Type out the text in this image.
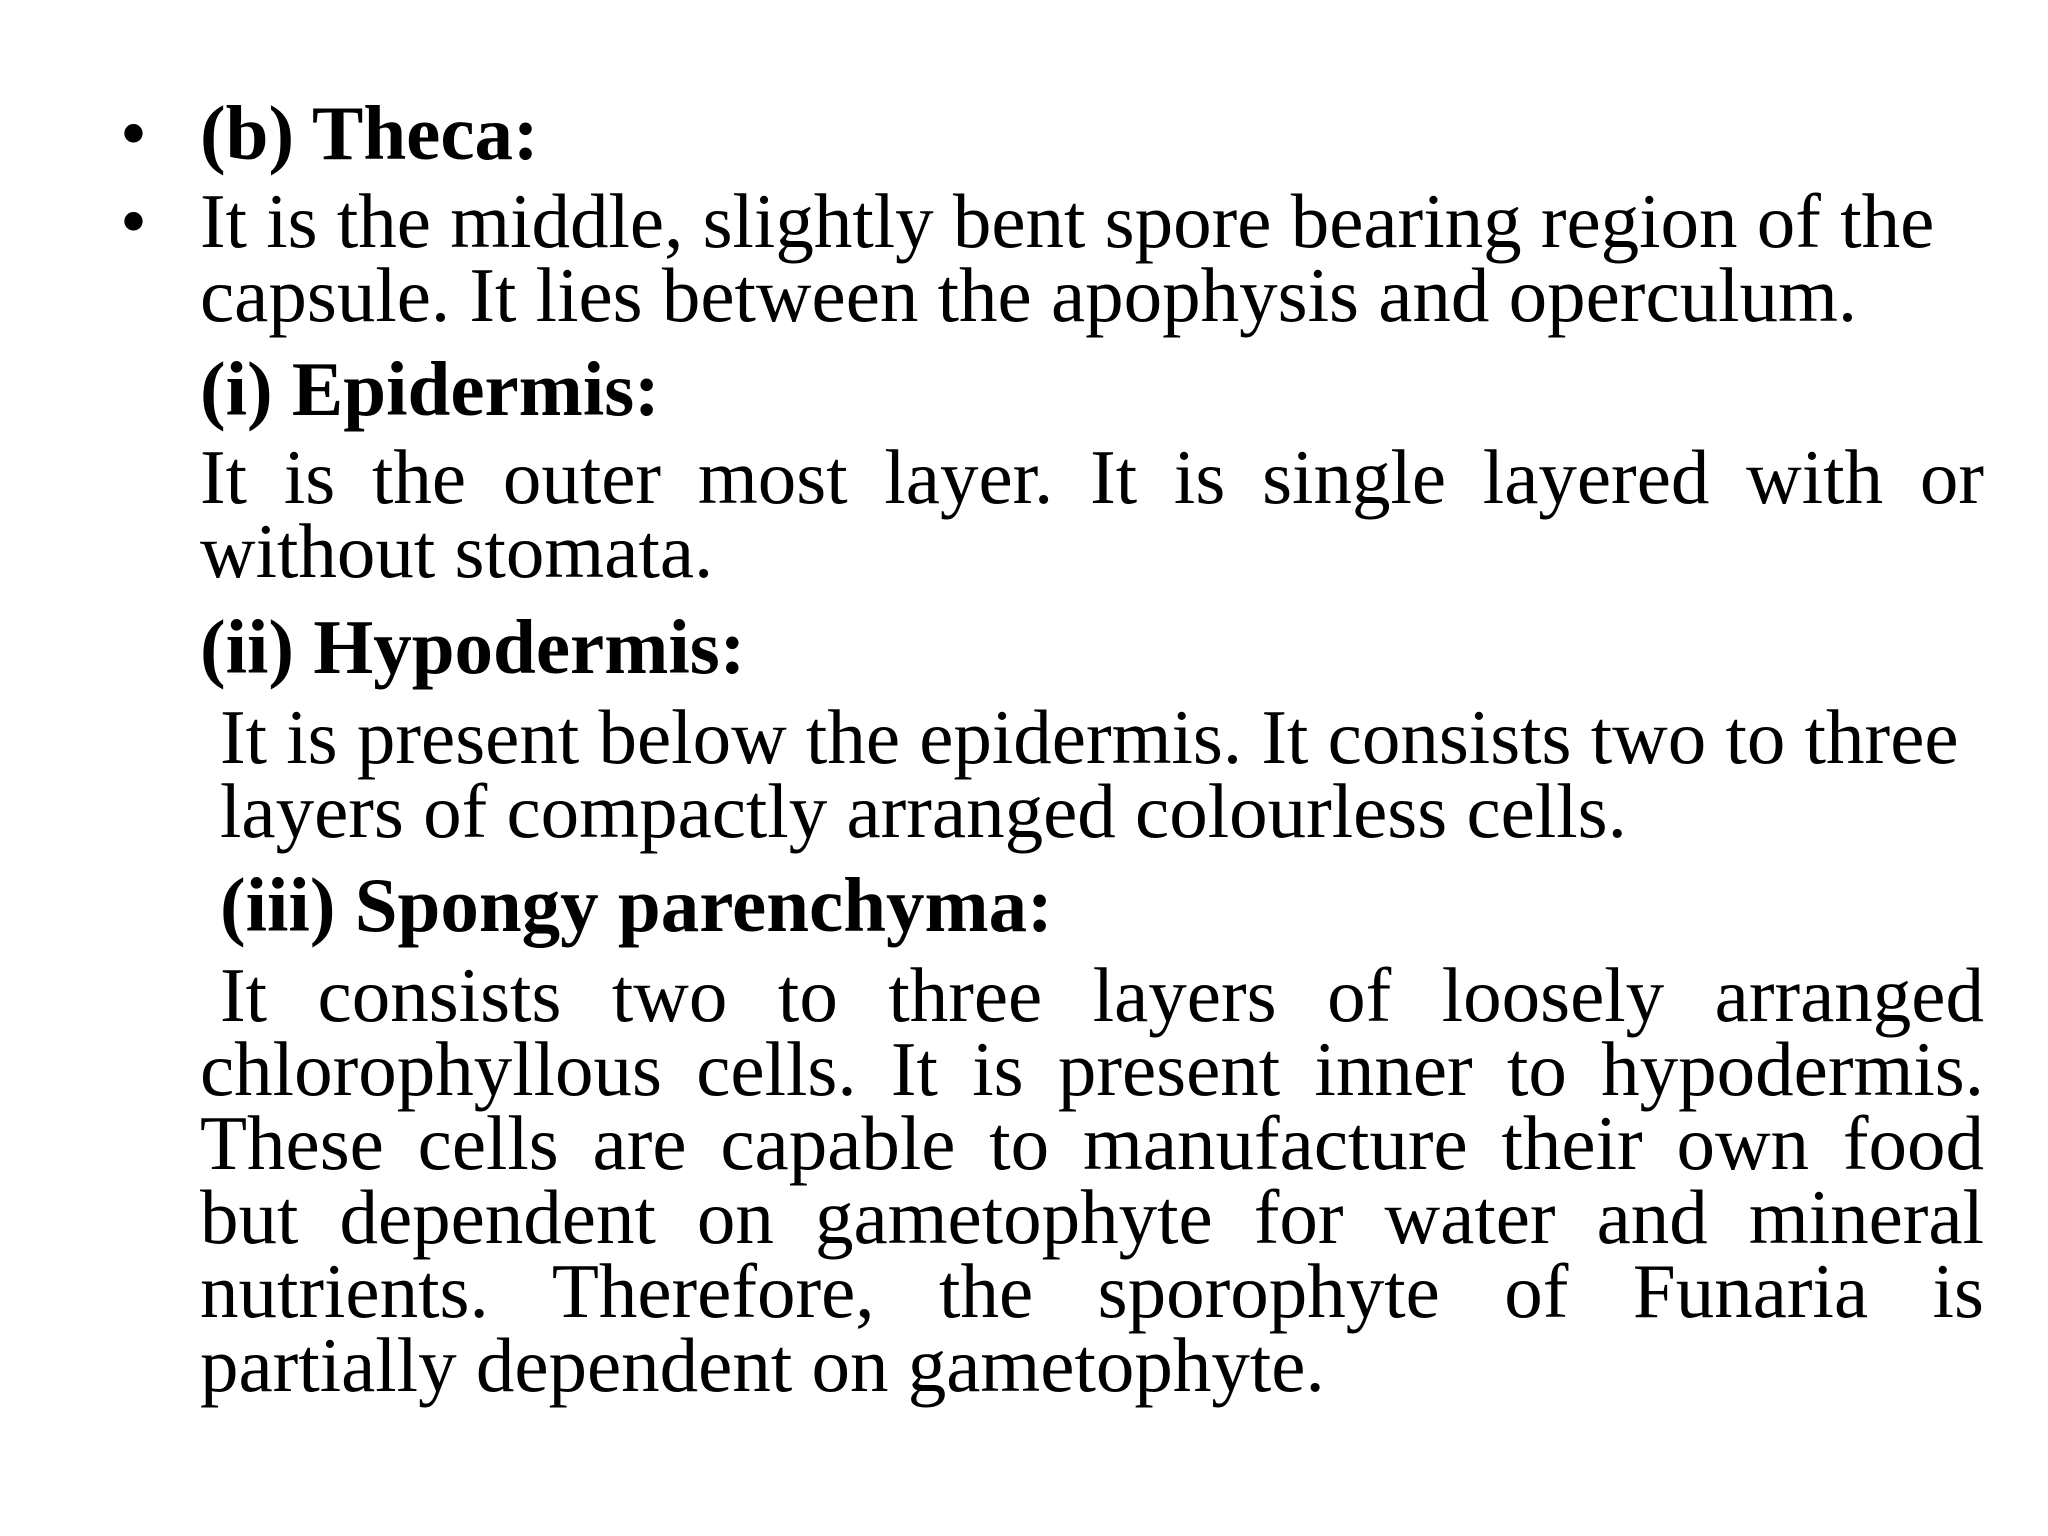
• (b) Theca:
• It is the middle, slightly bent spore bearing region of the capsule. It lies between the apophysis and operculum.
(i) Epidermis:
It is the outer most layer. It is single layered with or without stomata.
(ii) Hypodermis:
It is present below the epidermis. It consists two to three layers of compactly arranged colourless cells.
(iii) Spongy parenchyma:
It consists two to three layers of loosely arranged chlorophyllous cells. It is present inner to hypodermis. These cells are capable to manufacture their own food but dependent on gametophyte for water and mineral nutrients. Therefore, the sporophyte of Funaria is partially dependent on gametophyte.
